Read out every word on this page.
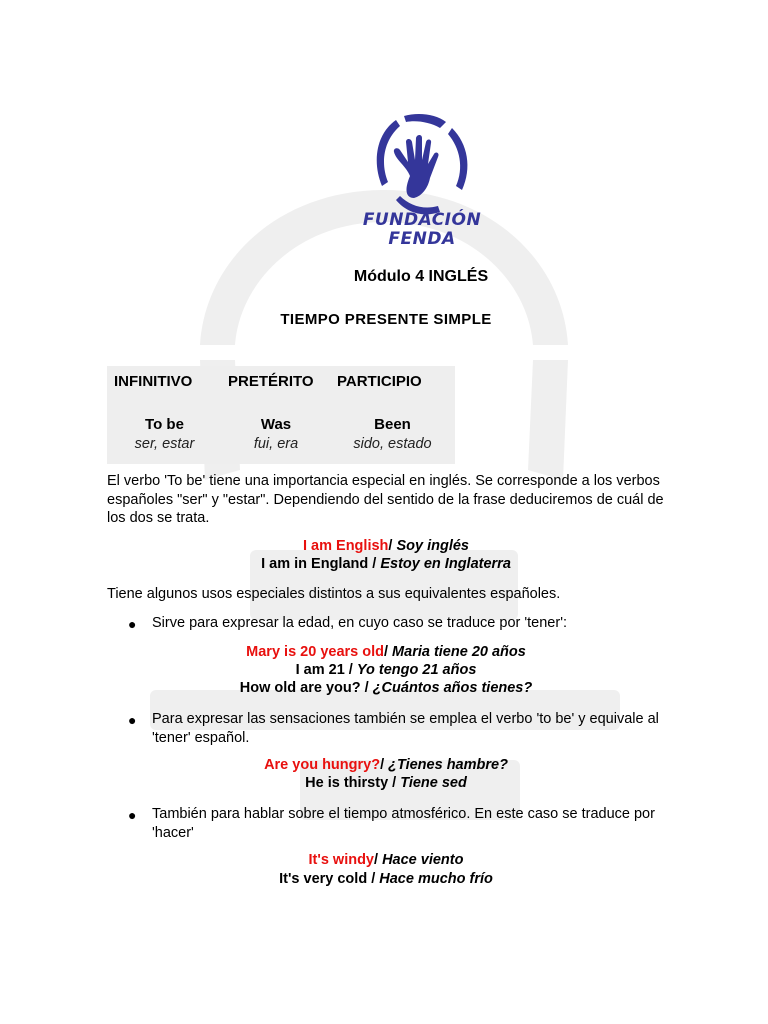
FUNDACIÓN
FENDA
Módulo 4 INGLÉS
TIEMPO PRESENTE SIMPLE
INFINITIVO PRETÉRITO PARTICIPIO
To be	Was	Been
ser, estar	fui, era	sido, estado
El verbo 'To be' tiene una importancia especial en inglés. Se corresponde a los verbos españoles "ser" y "estar". Dependiendo del sentido de la frase deduciremos de cuál de los dos se trata.
I am English/ Soy inglés
I am in England / Estoy en Inglaterra
Tiene algunos usos especiales distintos a sus equivalentes españoles.
● Sirve para expresar la edad, en cuyo caso se traduce por 'tener':
Mary is 20 years old/ Maria tiene 20 años
I am 21 / Yo tengo 21 años
How old are you? / ¿Cuántos años tienes?
● Para expresar las sensaciones también se emplea el verbo 'to be' y equivale al 'tener' español.
Are you hungry?/ ¿Tienes hambre?
He is thirsty / Tiene sed
● También para hablar sobre el tiempo atmosférico. En este caso se traduce por 'hacer'
It's windy/ Hace viento
It's very cold / Hace mucho frío
